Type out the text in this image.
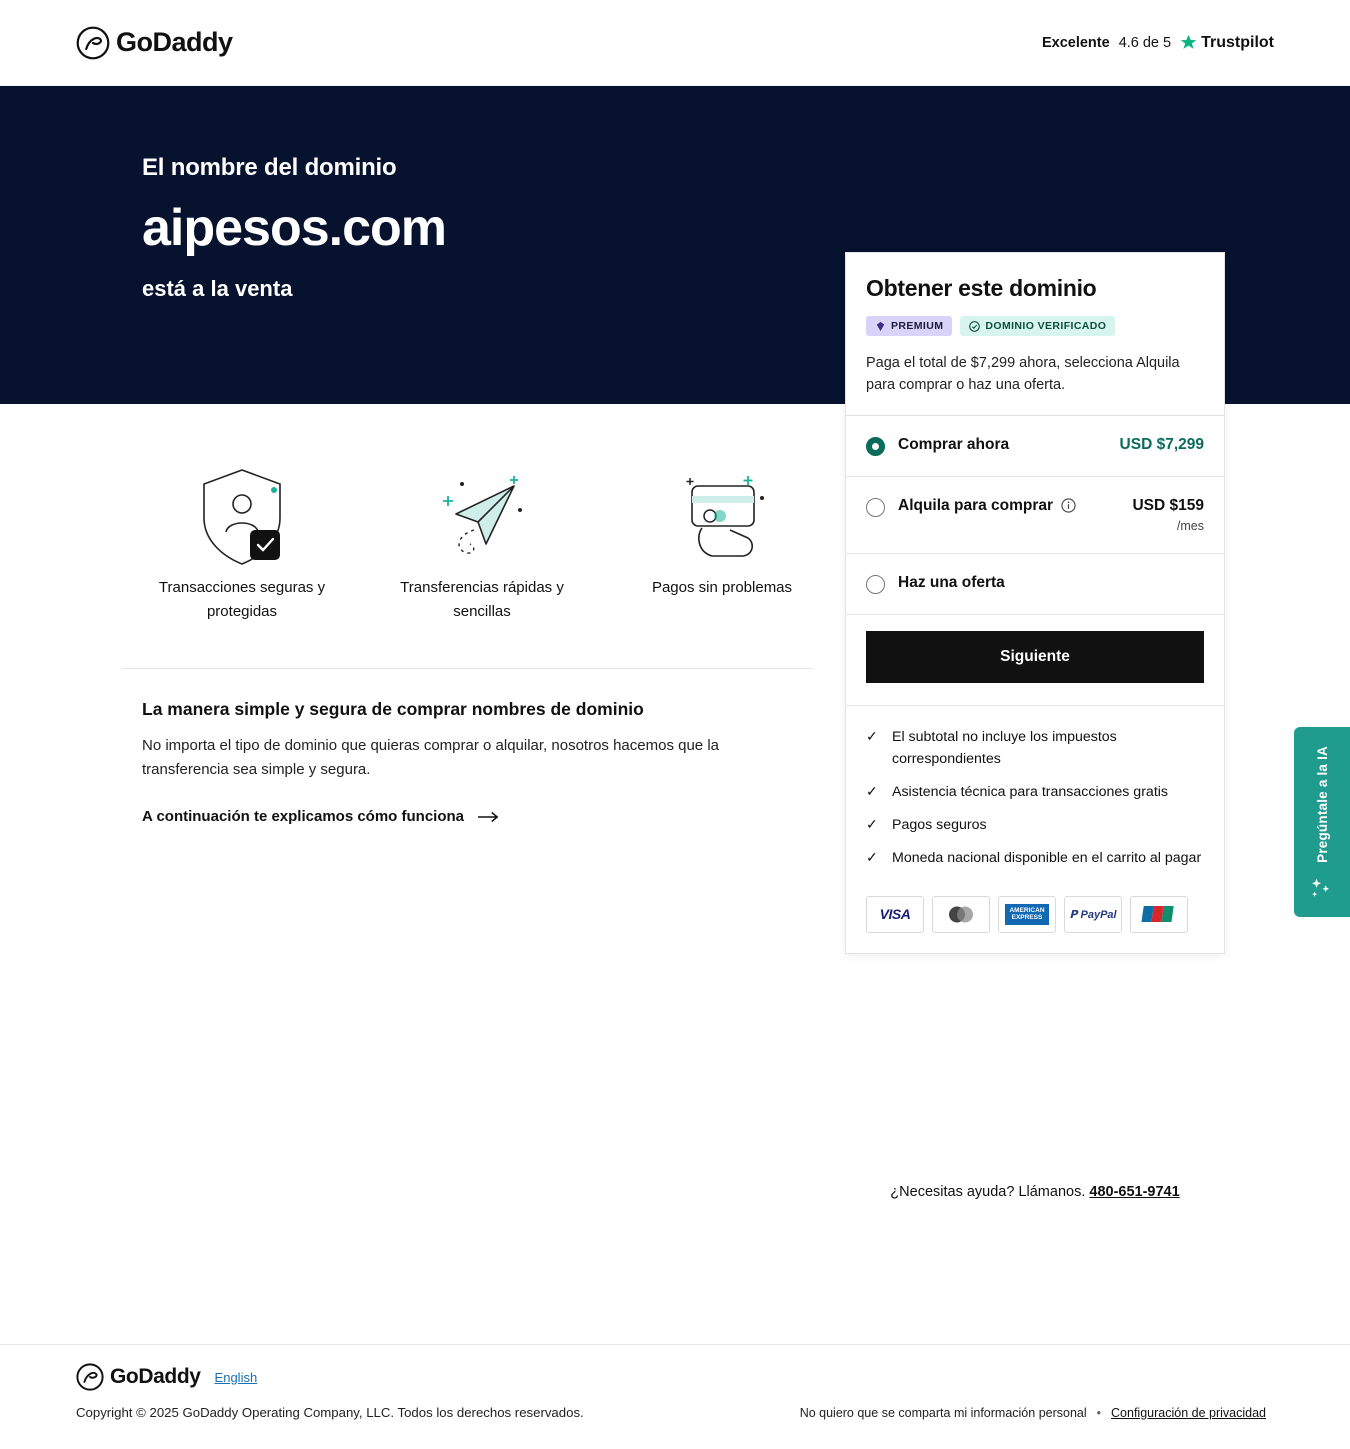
GoDaddy	Excelente 4.6 de 5 Trustpilot
El nombre del dominio
aipesos.com
está a la venta
Transacciones seguras y protegidas
Transferencias rápidas y sencillas
Pagos sin problemas
La manera simple y segura de comprar nombres de dominio

No importa el tipo de dominio que quieras comprar o alquilar, nosotros hacemos que la transferencia sea simple y segura.

A continuación te explicamos cómo funciona
Obtener este dominio
PREMIUM	DOMINIO VERIFICADO

Paga el total de $7,299 ahora, selecciona Alquila para comprar o haz una oferta.

Comprar ahora	USD $7,299
Alquila para comprar	USD $159
/mes
Haz una oferta
Siguiente
✓ El subtotal no incluye los impuestos correspondientes
✓ Asistencia técnica para transacciones gratis
✓ Pagos seguros
✓ Moneda nacional disponible en el carrito al pagar
VISA	AMERICAN
EXPRESS	𝗣 PayPal
¿Necesitas ayuda? Llámanos. 480-651-9741
Pregúntale a la IA
GoDaddy English
Copyright © 2025 GoDaddy Operating Company, LLC. Todos los derechos reservados.	No quiero que se comparta mi información personal • Configuración de privacidad
